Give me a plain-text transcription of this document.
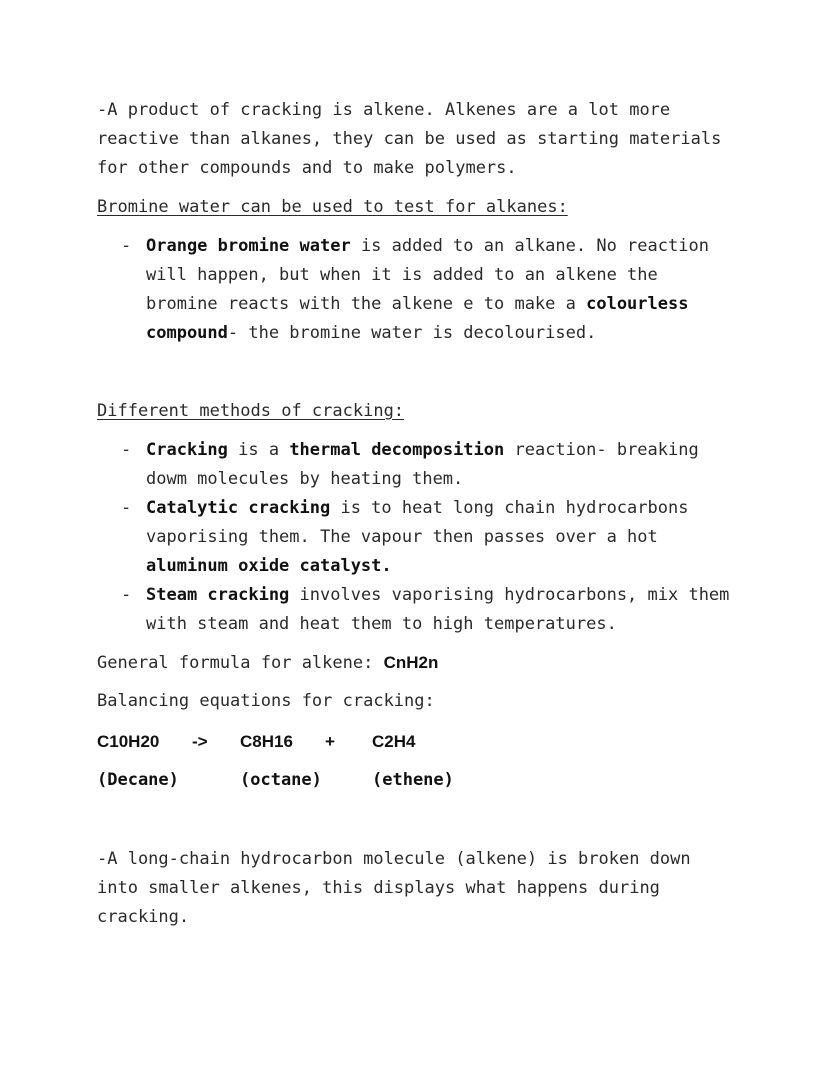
-A product of cracking is alkene. Alkenes are a lot more reactive than alkanes, they can be used as starting materials for other compounds and to make polymers.

Bromine water can be used to test for alkanes:

- Orange bromine water is added to an alkane. No reaction will happen, but when it is added to an alkene the bromine reacts with the alkene e to make a colourless compound- the bromine water is decolourised.

Different methods of cracking:

- Cracking is a thermal decomposition reaction- breaking dowm molecules by heating them.
- Catalytic cracking is to heat long chain hydrocarbons vaporising them. The vapour then passes over a hot aluminum oxide catalyst.
- Steam cracking involves vaporising hydrocarbons, mix them with steam and heat them to high temperatures.

General formula for alkene: CnH2n

Balancing equations for cracking:

C10H20 -> C8H16 + C2H4
(Decane)	(octane)	(ethene)

-A long-chain hydrocarbon molecule (alkene) is broken down into smaller alkenes, this displays what happens during cracking.
